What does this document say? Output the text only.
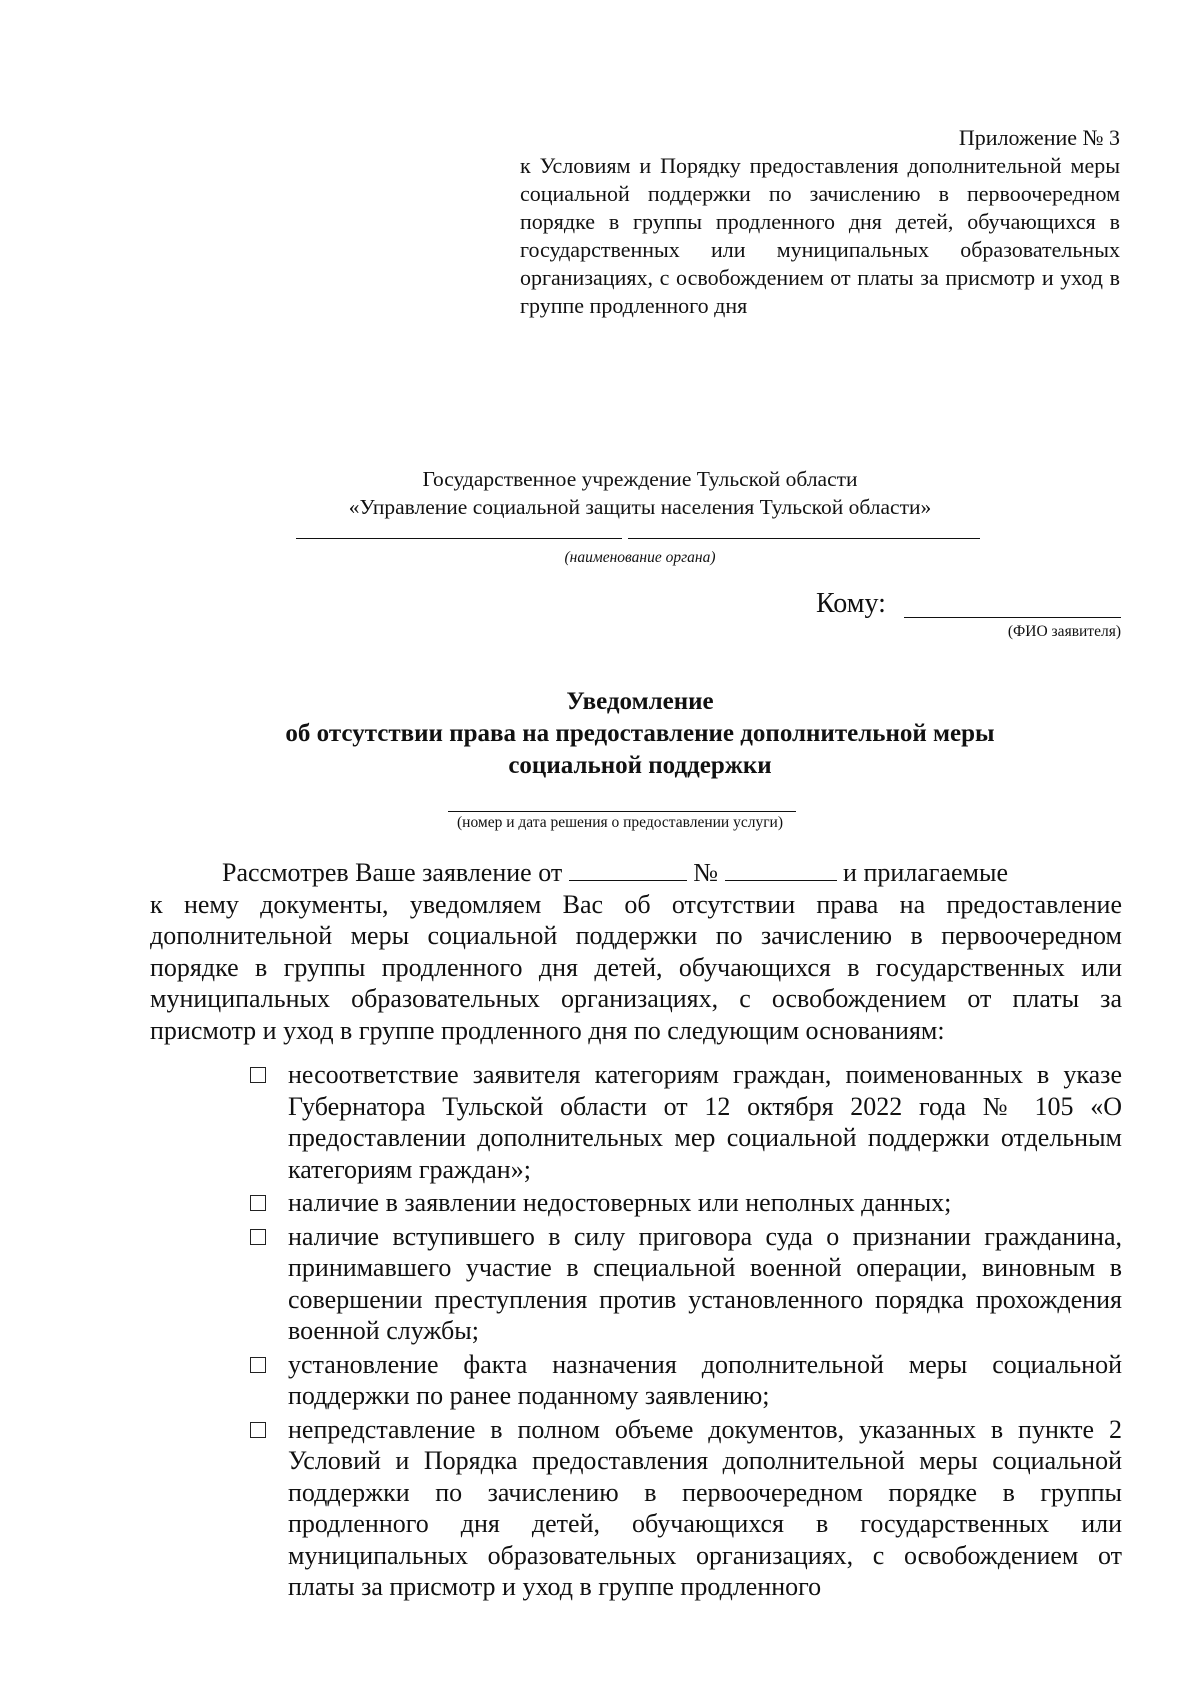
Приложение № 3
к Условиям и Порядку предоставления дополнительной меры социальной поддержки по зачислению в первоочередном порядке в группы продленного дня детей, обучающихся в государственных или муниципальных образовательных организациях, с освобождением от платы за присмотр и уход в группе продленного дня
Государственное учреждение Тульской области
«Управление социальной защиты населения Тульской области»
(наименование органа)
Кому:
(ФИО заявителя)
Уведомление
об отсутствии права на предоставление дополнительной меры
социальной поддержки
(номер и дата решения о предоставлении услуги)
Рассмотрев Ваше заявление от	№	и прилагаемые
к нему документы, уведомляем Вас об отсутствии права на предоставление дополнительной меры социальной поддержки по зачислению в первоочередном порядке в группы продленного дня детей, обучающихся в государственных или муниципальных образовательных организациях, с освобождением от платы за присмотр и уход в группе продленного дня по следующим основаниям:
несоответствие заявителя категориям граждан, поименованных в указе Губернатора Тульской области от 12 октября 2022 года № 105 «О предоставлении дополнительных мер социальной поддержки отдельным категориям граждан»;
наличие в заявлении недостоверных или неполных данных;
наличие вступившего в силу приговора суда о признании гражданина, принимавшего участие в специальной военной операции, виновным в совершении преступления против установленного порядка прохождения военной службы;
установление факта назначения дополнительной меры социальной поддержки по ранее поданному заявлению;
непредставление в полном объеме документов, указанных в пункте 2 Условий и Порядка предоставления дополнительной меры социальной поддержки по зачислению в первоочередном порядке в группы продленного дня детей, обучающихся в государственных или муниципальных образовательных организациях, с освобождением от платы за присмотр и уход в группе продленного
